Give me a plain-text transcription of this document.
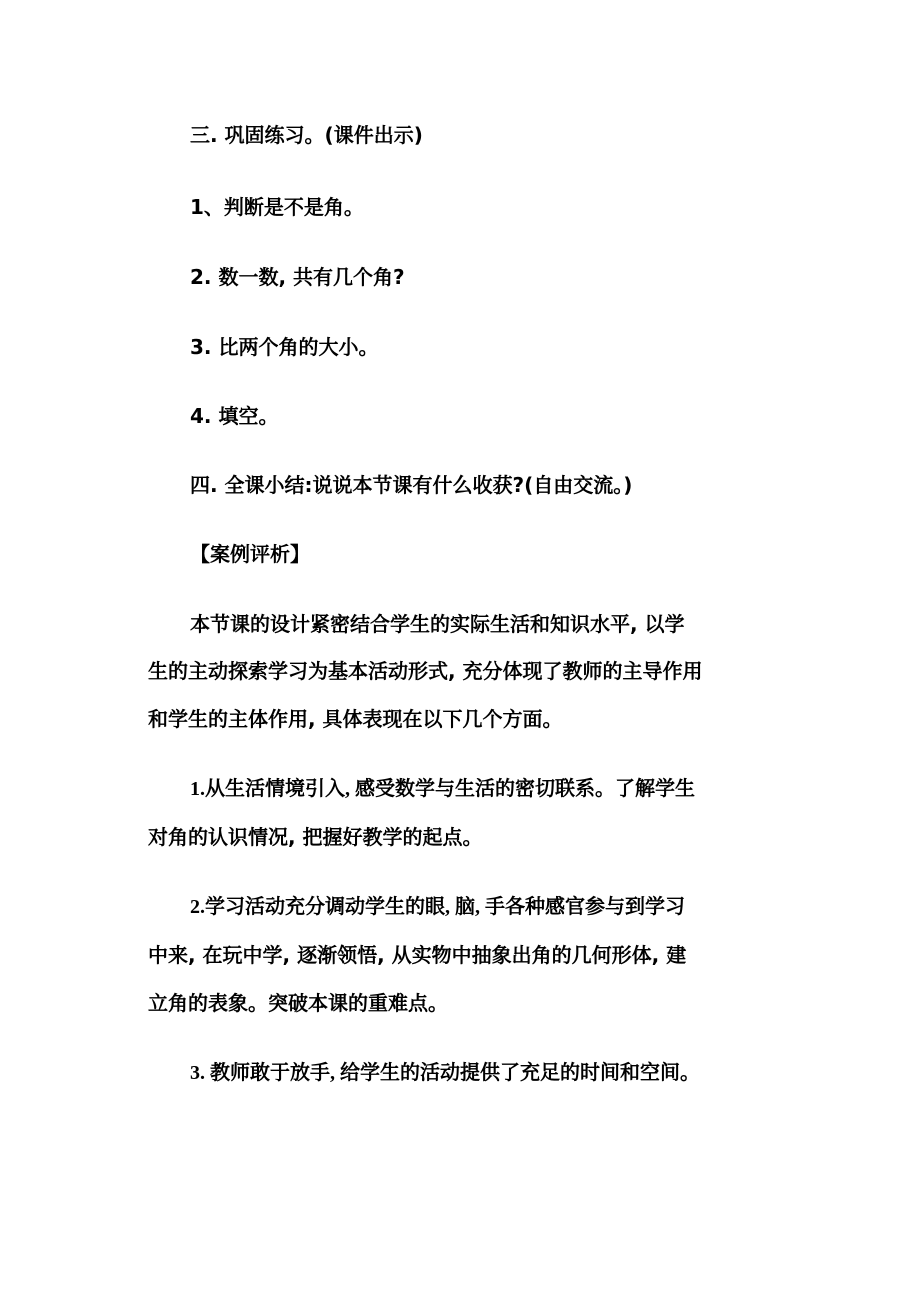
三. 巩固练习。(课件出示)

1、判断是不是角。

2. 数一数, 共有几个角?

3. 比两个角的大小。

4. 填空。

四. 全课小结:说说本节课有什么收获?(自由交流。)

【案例评析】

本节课的设计紧密结合学生的实际生活和知识水平, 以学

生的主动探索学习为基本活动形式, 充分体现了教师的主导作用

和学生的主体作用, 具体表现在以下几个方面。

1.从生活情境引入, 感受数学与生活的密切联系。了解学生

对角的认识情况, 把握好教学的起点。

2.学习活动充分调动学生的眼, 脑, 手各种感官参与到学习

中来, 在玩中学, 逐渐领悟, 从实物中抽象出角的几何形体, 建

立角的表象。突破本课的重难点。

3. 教师敢于放手, 给学生的活动提供了充足的时间和空间。
